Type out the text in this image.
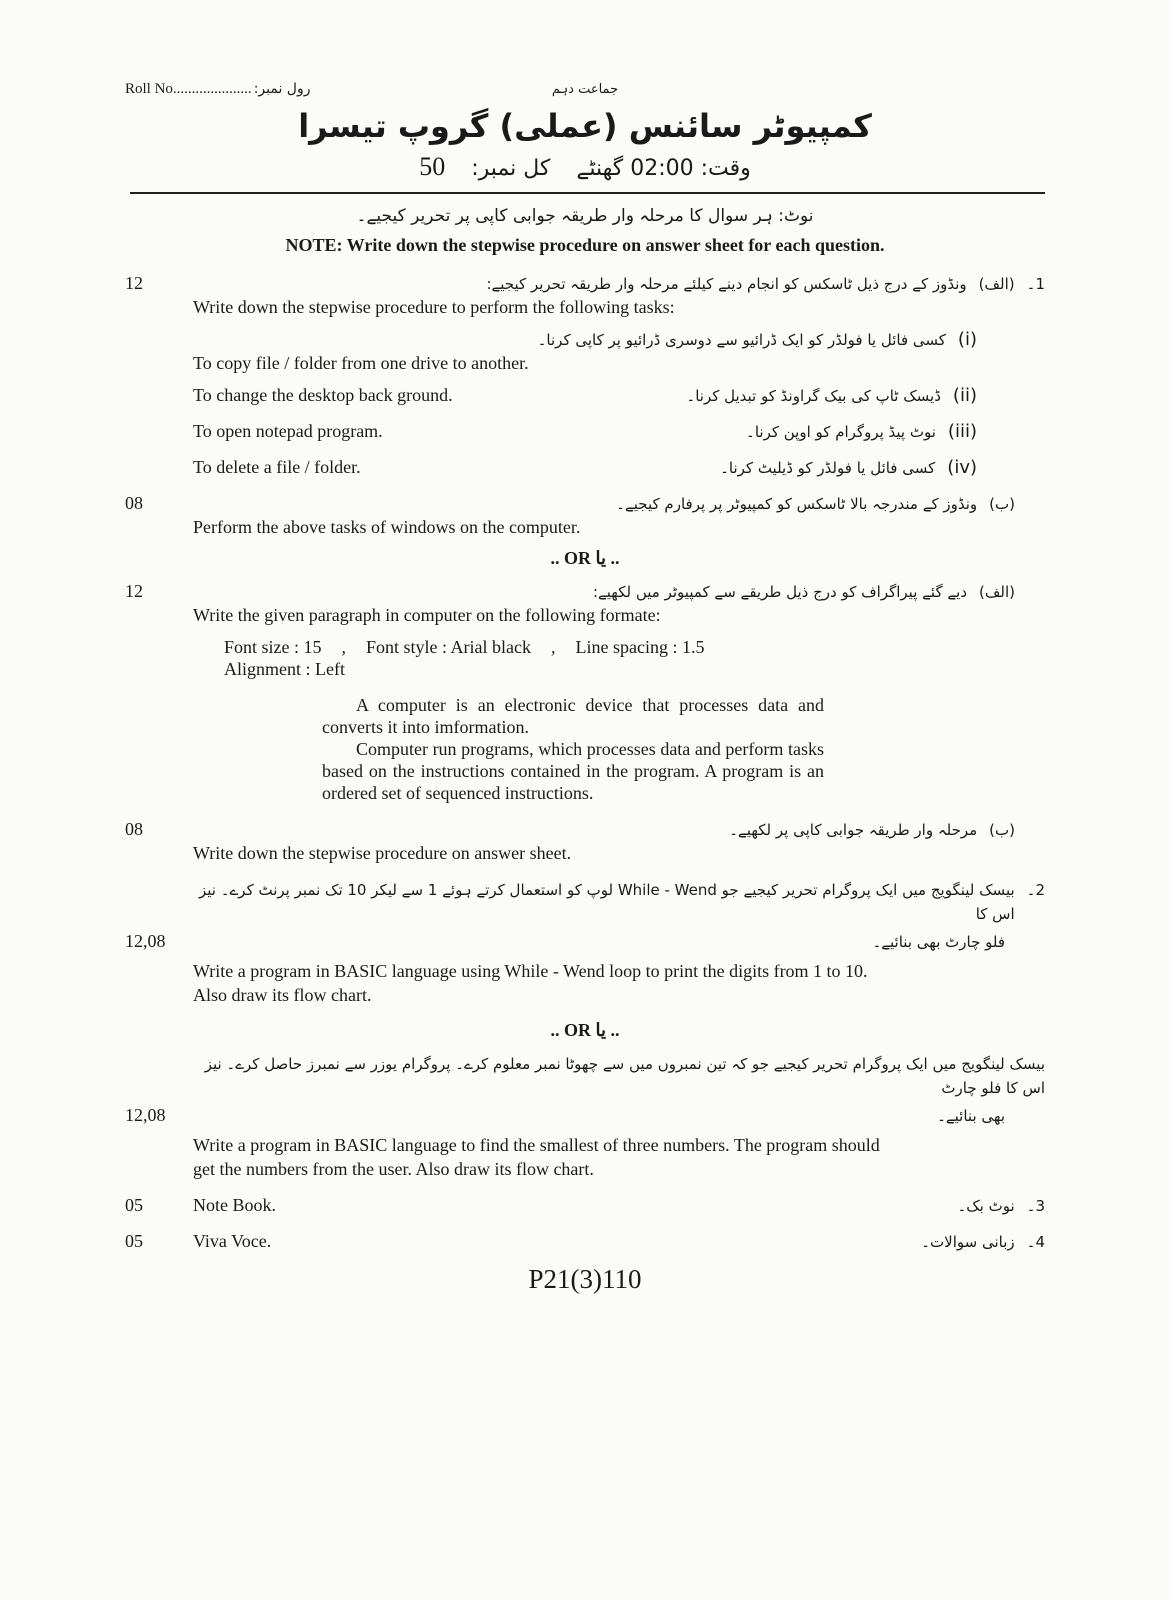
Roll No..................... رول نمبر:	جماعت دہم
کمپیوٹر سائنس (عملی) گروپ تیسرا
وقت: 02:00 گھنٹے
کل نمبر:
50
نوٹ: ہر سوال کا مرحلہ وار طریقہ جوابی کاپی پر تحریر کیجیے۔
NOTE: Write down the stepwise procedure on answer sheet for each question.
12	1۔
(الف)
ونڈوز کے درج ذیل ٹاسکس کو انجام دینے کیلئے مرحلہ وار طریقہ تحریر کیجیے:
Write down the stepwise procedure to perform the following tasks:
(i)
کسی فائل یا فولڈر کو ایک ڈرائیو سے دوسری ڈرائیو پر کاپی کرنا۔
To copy file / folder from one drive to another.
To change the desktop back ground.	(ii)
ڈیسک ٹاپ کی بیک گراونڈ کو تبدیل کرنا۔
To open notepad program.	(iii)
نوٹ پیڈ پروگرام کو اوپن کرنا۔
To delete a file / folder.	(iv)
کسی فائل یا فولڈر کو ڈیلیٹ کرنا۔
08	(ب)
ونڈوز کے مندرجہ بالا ٹاسکس کو کمپیوٹر پر پرفارم کیجیے۔
Perform the above tasks of windows on the computer.
.. OR یا ..
12	(الف)
دیے گئے پیراگراف کو درج ذیل طریقے سے کمپیوٹر میں لکھیے:
Write the given paragraph in computer on the following formate:
Font size : 15 , Font style : Arial black , Line spacing : 1.5
Alignment : Left

A computer is an electronic device that processes data and converts it into imformation.

Computer run programs, which processes data and perform tasks based on the instructions contained in the program. A program is an ordered set of sequenced instructions.

08	(ب)
مرحلہ وار طریقہ جوابی کاپی پر لکھیے۔
Write down the stepwise procedure on answer sheet.
2۔
بیسک لینگویج میں ایک پروگرام تحریر کیجیے جو While - Wend لوپ کو استعمال کرتے ہوئے 1 سے لیکر 10 تک نمبر پرنٹ کرے۔ نیز اس کا
12,08	فلو چارٹ بھی بنائیے۔
Write a program in BASIC language using While - Wend loop to print the digits from 1 to 10.
Also draw its flow chart.
.. OR یا ..
بیسک لینگویج میں ایک پروگرام تحریر کیجیے جو کہ تین نمبروں میں سے چھوٹا نمبر معلوم کرے۔ پروگرام یوزر سے نمبرز حاصل کرے۔ نیز اس کا فلو چارٹ
12,08	بھی بنائیے۔
Write a program in BASIC language to find the smallest of three numbers. The program should
get the numbers from the user. Also draw its flow chart.
05	Note Book.	3۔
نوٹ بک۔
05	Viva Voce.	4۔
زبانی سوالات۔
P21(3)110
